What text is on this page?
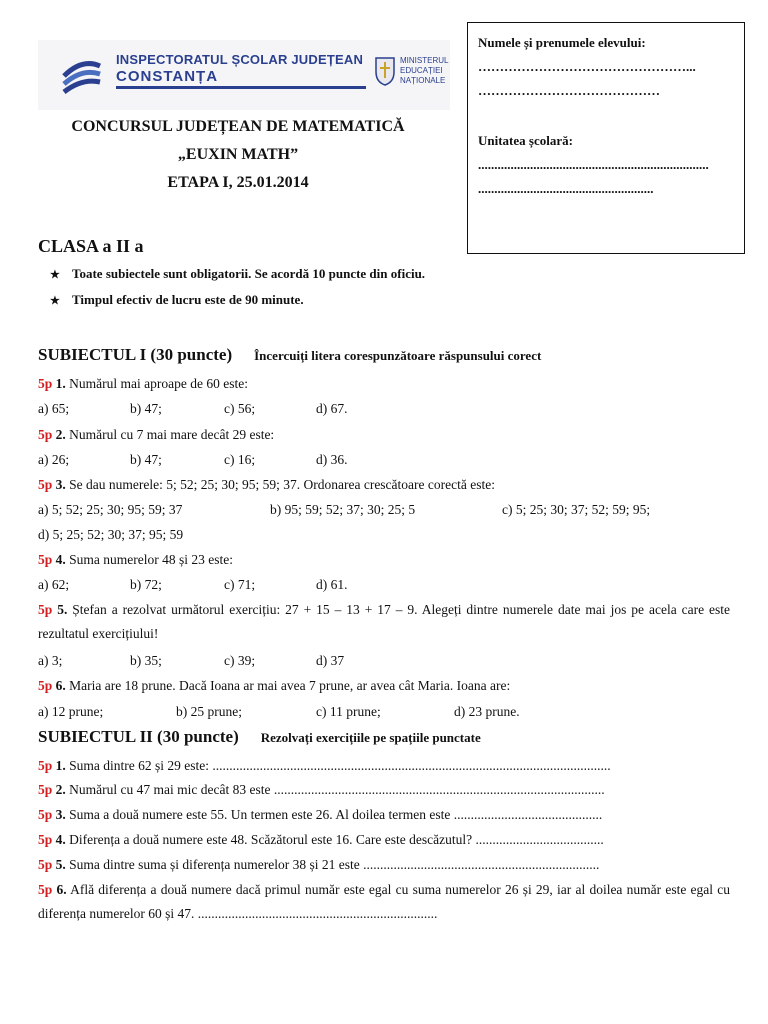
INSPECTORATUL ȘCOLAR JUDEȚEAN
CONSTANȚA
MINISTERUL EDUCAȚIEI NAȚIONALE
CONCURSUL JUDEȚEAN DE MATEMATICĂ
„EUXIN MATH”
ETAPA I, 25.01.2014
Numele și prenumele elevului:
…………………………………………...
……………………………………
Unitatea școlară:
.......................................................................
......................................................
CLASA a II a
★ Toate subiectele sunt obligatorii. Se acordă 10 puncte din oficiu.
★ Timpul efectiv de lucru este de 90 minute.
SUBIECTUL I (30 puncte) Încercuiți litera corespunzătoare răspunsului corect
5p 1. Numărul mai aproape de 60 este:
a) 65;	b) 47;	c) 56;	d) 67.
5p 2. Numărul cu 7 mai mare decât 29 este:
a) 26;	b) 47;	c) 16;	d) 36.
5p 3. Se dau numerele: 5; 52; 25; 30; 95; 59; 37. Ordonarea crescătoare corectă este:
a) 5; 52; 25; 30; 95; 59; 37	b) 95; 59; 52; 37; 30; 25; 5	c) 5; 25; 30; 37; 52; 59; 95;
d) 5; 25; 52; 30; 37; 95; 59
5p 4. Suma numerelor 48 și 23 este:
a) 62;	b) 72;	c) 71;	d) 61.
5p 5. Ștefan a rezolvat următorul exercițiu: 27 + 15 – 13 + 17 – 9. Alegeți dintre numerele date mai jos pe acela care este rezultatul exercițiului!
a) 3;	b) 35;	c) 39;	d) 37
5p 6. Maria are 18 prune. Dacă Ioana ar mai avea 7 prune, ar avea cât Maria. Ioana are:
a) 12 prune;	b) 25 prune;	c) 11 prune;	d) 23 prune.
SUBIECTUL II (30 puncte) Rezolvați exercițiile pe spațiile punctate
5p 1. Suma dintre 62 și 29 este: ......................................................................................................................
5p 2. Numărul cu 47 mai mic decât 83 este ..................................................................................................
5p 3. Suma a două numere este 55. Un termen este 26. Al doilea termen este ............................................
5p 4. Diferența a două numere este 48. Scăzătorul este 16. Care este descăzutul? ......................................
5p 5. Suma dintre suma și diferența numerelor 38 și 21 este ......................................................................
5p 6. Află diferența a două numere dacă primul număr este egal cu suma numerelor 26 și 29, iar al doilea număr este egal cu diferența numerelor 60 și 47. .......................................................................
